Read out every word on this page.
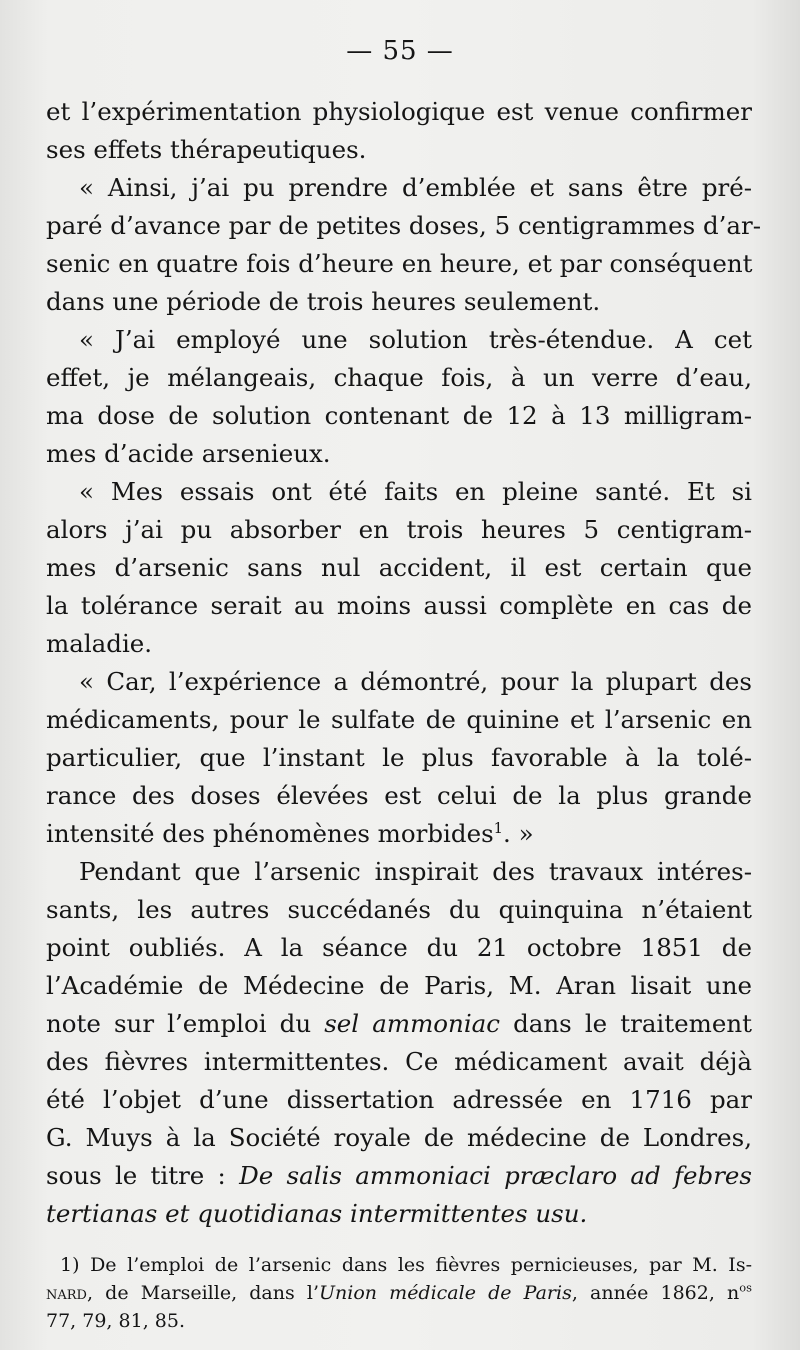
— 55 —
et l’expérimentation physiologique est venue confirmer
ses effets thérapeutiques.
« Ainsi, j’ai pu prendre d’emblée et sans être pré-
paré d’avance par de petites doses, 5 centigrammes d’ar-
senic en quatre fois d’heure en heure, et par conséquent
dans une période de trois heures seulement.
« J’ai employé une solution très-étendue. A cet
effet, je mélangeais, chaque fois, à un verre d’eau,
ma dose de solution contenant de 12 à 13 milligram-
mes d’acide arsenieux.
« Mes essais ont été faits en pleine santé. Et si
alors j’ai pu absorber en trois heures 5 centigram-
mes d’arsenic sans nul accident, il est certain que
la tolérance serait au moins aussi complète en cas de
maladie.
« Car, l’expérience a démontré, pour la plupart des
médicaments, pour le sulfate de quinine et l’arsenic en
particulier, que l’instant le plus favorable à la tolé-
rance des doses élevées est celui de la plus grande
intensité des phénomènes morbides$^1$. »
Pendant que l’arsenic inspirait des travaux intéres-
sants, les autres succédanés du quinquina n’étaient
point oubliés. A la séance du 21 octobre 1851 de
l’Académie de Médecine de Paris, M. Aran lisait une
note sur l’emploi du sel ammoniac dans le traitement
des fièvres intermittentes. Ce médicament avait déjà
été l’objet d’une dissertation adressée en 1716 par
G. Muys à la Société royale de médecine de Londres,
sous le titre : De salis ammoniaci præclaro ad febres
tertianas et quotidianas intermittentes usu.
1) De l’emploi de l’arsenic dans les fièvres pernicieuses, par M. Is-
nard, de Marseille, dans l’Union médicale de Paris, année 1862, $n^{os}$
77, 79, 81, 85.
